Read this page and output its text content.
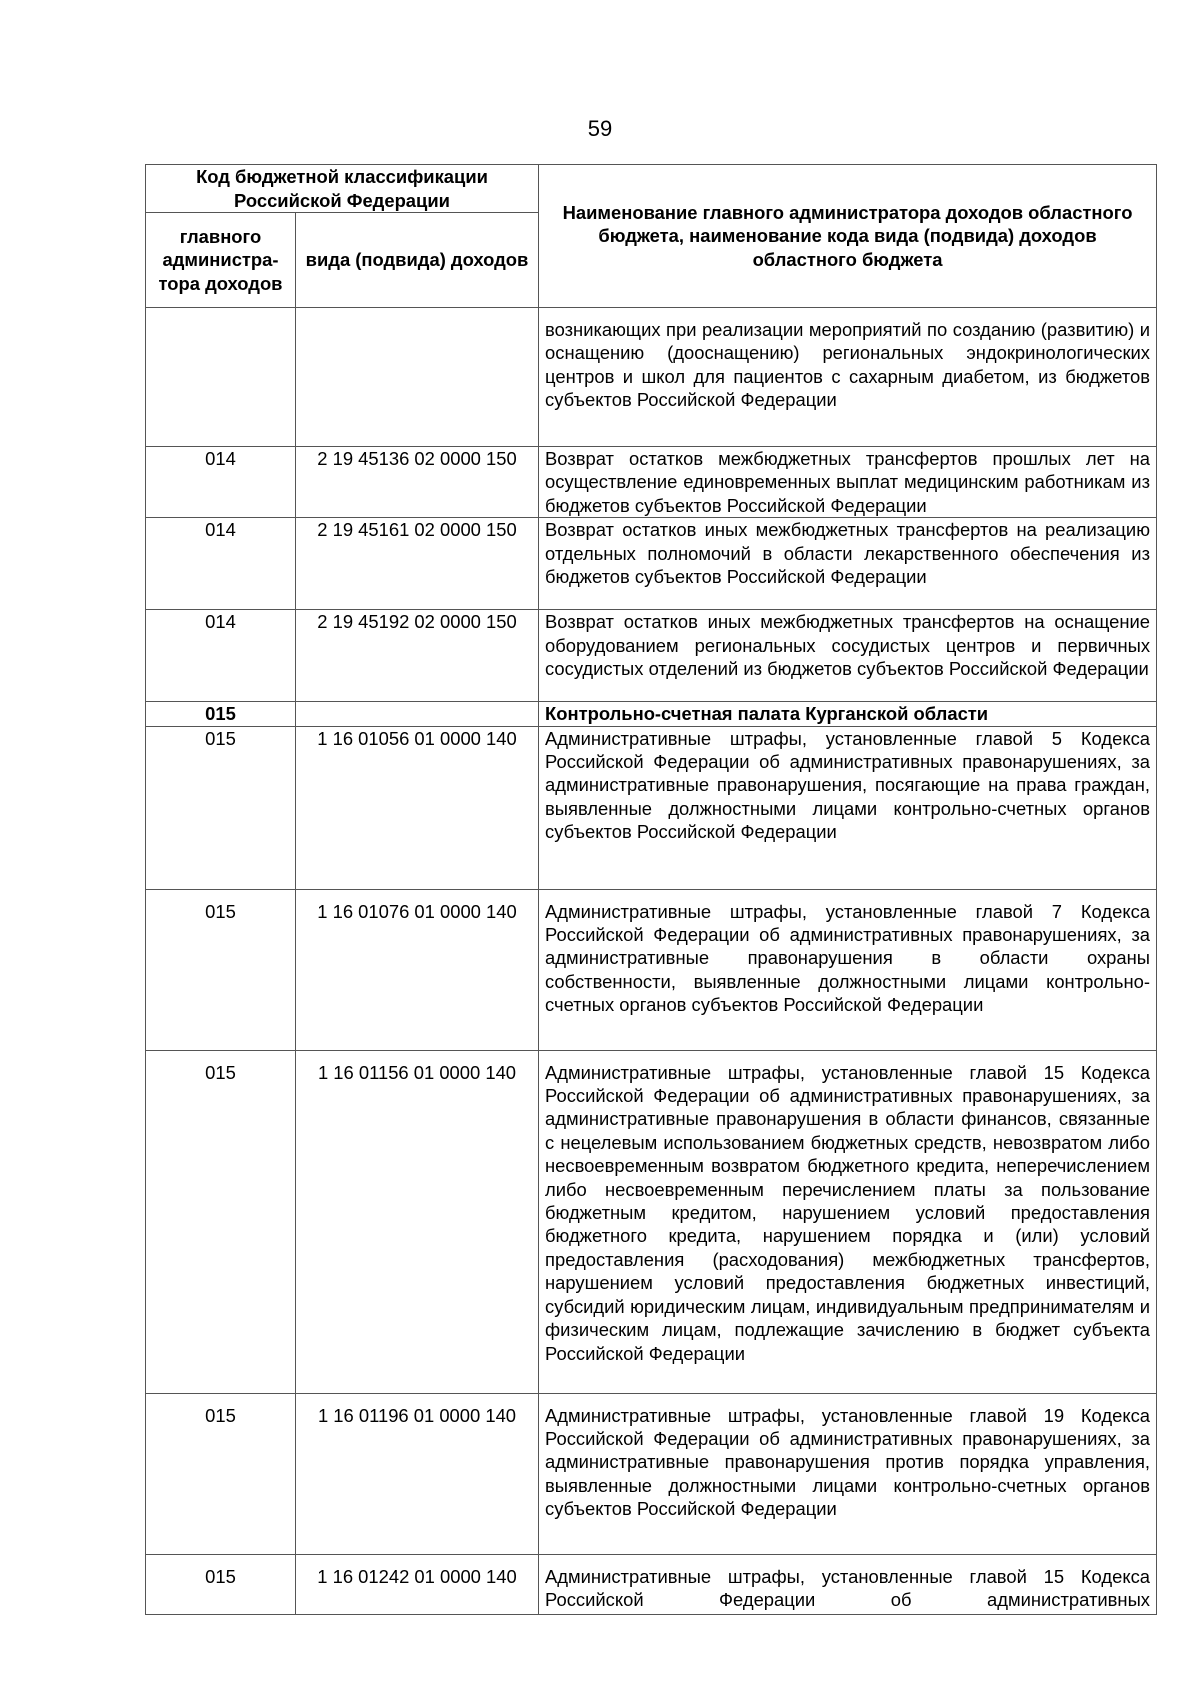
59
Код бюджетной классификации Российской Федерации		Наименование главного администратора доходов областного бюджета, наименование кода вида (подвида) доходов областного бюджета
главного администра-тора доходов	вида (подвида) доходов	
		возникающих при реализации мероприятий по созданию (развитию) и оснащению (дооснащению) региональных эндокринологических центров и школ для пациентов с сахарным диабетом, из бюджетов субъектов Российской Федерации
014	2 19 45136 02 0000 150	Возврат остатков межбюджетных трансфертов прошлых лет на осуществление единовременных выплат медицинским работникам из бюджетов субъектов Российской Федерации
014	2 19 45161 02 0000 150	Возврат остатков иных межбюджетных трансфертов на реализацию отдельных полномочий в области лекарственного обеспечения из бюджетов субъектов Российской Федерации
014	2 19 45192 02 0000 150	Возврат остатков иных межбюджетных трансфертов на оснащение оборудованием региональных сосудистых центров и первичных сосудистых отделений из бюджетов субъектов Российской Федерации
015		Контрольно-счетная палата Курганской области
015	1 16 01056 01 0000 140	Административные штрафы, установленные главой 5 Кодекса Российской Федерации об административных правонарушениях, за административные правонарушения, посягающие на права граждан, выявленные должностными лицами контрольно-счетных органов субъектов Российской Федерации
015	1 16 01076 01 0000 140	Административные штрафы, установленные главой 7 Кодекса Российской Федерации об административных правонарушениях, за административные правонарушения в области охраны собственности, выявленные должностными лицами контрольно-счетных органов субъектов Российской Федерации
015	1 16 01156 01 0000 140	Административные штрафы, установленные главой 15 Кодекса Российской Федерации об административных правонарушениях, за административные правонарушения в области финансов, связанные с нецелевым использованием бюджетных средств, невозвратом либо несвоевременным возвратом бюджетного кредита, неперечислением либо несвоевременным перечислением платы за пользование бюджетным кредитом, нарушением условий предоставления бюджетного кредита, нарушением порядка и (или) условий предоставления (расходования) межбюджетных трансфертов, нарушением условий предоставления бюджетных инвестиций, субсидий юридическим лицам, индивидуальным предпринимателям и физическим лицам, подлежащие зачислению в бюджет субъекта Российской Федерации
015	1 16 01196 01 0000 140	Административные штрафы, установленные главой 19 Кодекса Российской Федерации об административных правонарушениях, за административные правонарушения против порядка управления, выявленные должностными лицами контрольно-счетных органов субъектов Российской Федерации
015	1 16 01242 01 0000 140	Административные штрафы, установленные главой 15 Кодекса Российской Федерации об административных
